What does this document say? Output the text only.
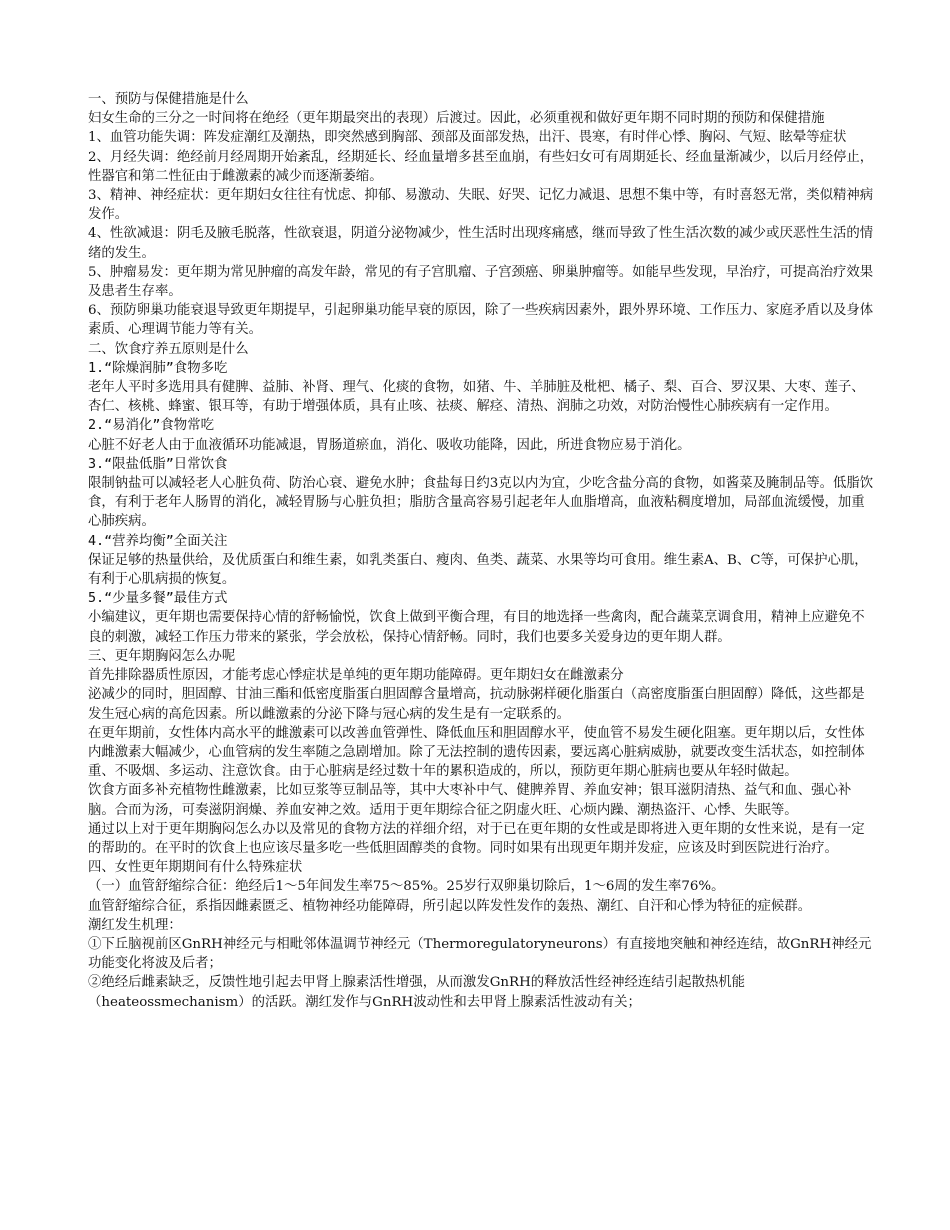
一、预防与保健措施是什么
妇女生命的三分之一时间将在绝经（更年期最突出的表现）后渡过。因此，必须重视和做好更年期不同时期的预防和保健措施
1、血管功能失调：阵发症潮红及潮热，即突然感到胸部、颈部及面部发热，出汗、畏寒，有时伴心悸、胸闷、气短、眩晕等症状
2、月经失调：绝经前月经周期开始紊乱，经期延长、经血量增多甚至血崩，有些妇女可有周期延长、经血量渐减少，以后月经停止，性器官和第二性征由于雌激素的减少而逐渐萎缩。
3、精神、神经症状：更年期妇女往往有忧虑、抑郁、易激动、失眠、好哭、记忆力减退、思想不集中等，有时喜怒无常，类似精神病发作。
4、性欲减退：阴毛及腋毛脱落，性欲衰退，阴道分泌物减少，性生活时出现疼痛感，继而导致了性生活次数的减少或厌恶性生活的情绪的发生。
5、肿瘤易发：更年期为常见肿瘤的高发年龄，常见的有子宫肌瘤、子宫颈癌、卵巢肿瘤等。如能早些发现，早治疗，可提高治疗效果及患者生存率。
6、预防卵巢功能衰退导致更年期提早，引起卵巢功能早衰的原因，除了一些疾病因素外，跟外界环境、工作压力、家庭矛盾以及身体素质、心理调节能力等有关。
二、饮食疗养五原则是什么
1.“除燥润肺”食物多吃
老年人平时多选用具有健脾、益肺、补肾、理气、化痰的食物，如猪、牛、羊肺脏及枇杷、橘子、梨、百合、罗汉果、大枣、莲子、杏仁、核桃、蜂蜜、银耳等，有助于增强体质，具有止咳、祛痰、解痉、清热、润肺之功效，对防治慢性心肺疾病有一定作用。
2.“易消化”食物常吃
心脏不好老人由于血液循环功能减退，胃肠道瘀血，消化、吸收功能降，因此，所进食物应易于消化。
3.“限盐低脂”日常饮食
限制钠盐可以减轻老人心脏负荷、防治心衰、避免水肿；食盐每日约3克以内为宜，少吃含盐分高的食物，如酱菜及腌制品等。低脂饮食，有利于老年人肠胃的消化，减轻胃肠与心脏负担；脂肪含量高容易引起老年人血脂增高，血液粘稠度增加，局部血流缓慢，加重心肺疾病。
4.“营养均衡”全面关注
保证足够的热量供给，及优质蛋白和维生素，如乳类蛋白、瘦肉、鱼类、蔬菜、水果等均可食用。维生素A、B、C等，可保护心肌，有利于心肌病损的恢复。
5.“少量多餐”最佳方式
小编建议，更年期也需要保持心情的舒畅愉悦，饮食上做到平衡合理，有目的地选择一些禽肉，配合蔬菜烹调食用，精神上应避免不良的刺激，减轻工作压力带来的紧张，学会放松，保持心情舒畅。同时，我们也要多关爱身边的更年期人群。
三、更年期胸闷怎么办呢
首先排除器质性原因，才能考虑心悸症状是单纯的更年期功能障碍。更年期妇女在雌激素分
泌减少的同时，胆固醇、甘油三酯和低密度脂蛋白胆固醇含量增高，抗动脉粥样硬化脂蛋白（高密度脂蛋白胆固醇）降低，这些都是发生冠心病的高危因素。所以雌激素的分泌下降与冠心病的发生是有一定联系的。
在更年期前，女性体内高水平的雌激素可以改善血管弹性、降低血压和胆固醇水平，使血管不易发生硬化阻塞。更年期以后，女性体内雌激素大幅减少，心血管病的发生率随之急剧增加。除了无法控制的遗传因素，要远离心脏病威胁，就要改变生活状态，如控制体重、不吸烟、多运动、注意饮食。由于心脏病是经过数十年的累积造成的，所以，预防更年期心脏病也要从年轻时做起。
饮食方面多补充植物性雌激素，比如豆浆等豆制品等，其中大枣补中气、健脾养胃、养血安神；银耳滋阴清热、益气和血、强心补脑。合而为汤，可奏滋阴润燥、养血安神之效。适用于更年期综合征之阴虚火旺、心烦内躁、潮热盗汗、心悸、失眠等。
通过以上对于更年期胸闷怎么办以及常见的食物方法的祥细介绍，对于已在更年期的女性或是即将进入更年期的女性来说，是有一定的帮助的。在平时的饮食上也应该尽量多吃一些低胆固醇类的食物。同时如果有出现更年期并发症，应该及时到医院进行治疗。
四、女性更年期期间有什么特殊症状
（一）血管舒缩综合征：绝经后1～5年间发生率75～85%。25岁行双卵巢切除后，1～6周的发生率76%。
血管舒缩综合征，系指因雌素匮乏、植物神经功能障碍，所引起以阵发性发作的轰热、潮红、自汗和心悸为特征的症候群。
潮红发生机理：
①下丘脑视前区GnRH神经元与相毗邻体温调节神经元（Thermoregulatoryneurons）有直接地突触和神经连结，故GnRH神经元功能变化将波及后者；
②绝经后雌素缺乏，反馈性地引起去甲肾上腺素活性增强，从而激发GnRH的释放活性经神经连结引起散热机能（heateossmechanism）的活跃。潮红发作与GnRH波动性和去甲肾上腺素活性波动有关；
